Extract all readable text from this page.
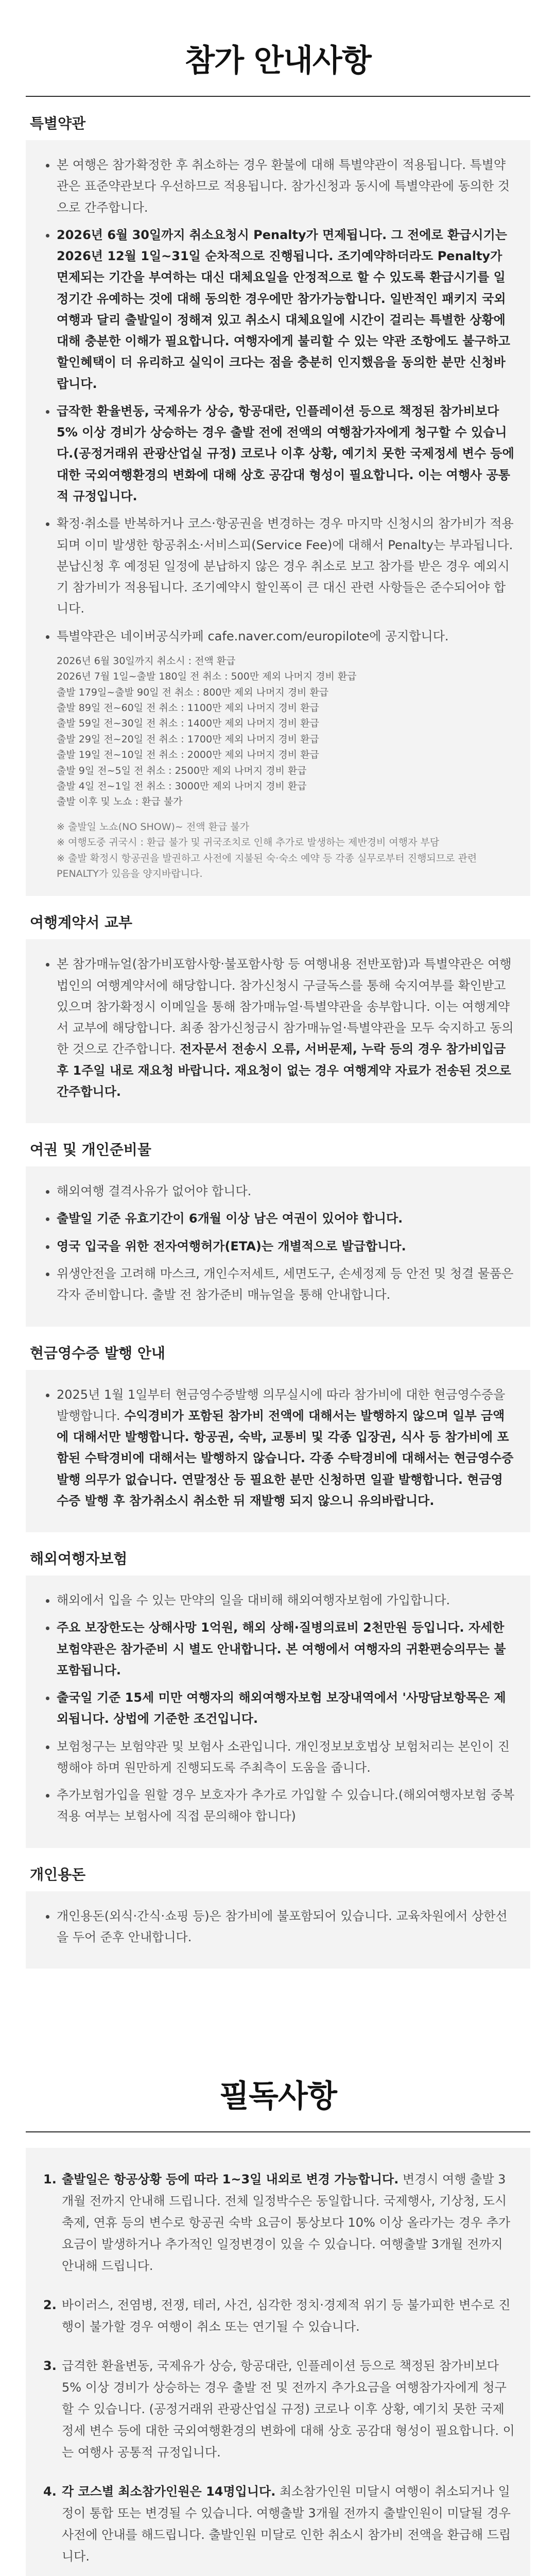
참가 안내사항
특별약관
• 본 여행은 참가확정한 후 취소하는 경우 환불에 대해 특별약관이 적용됩니다. 특별약관은 표준약관보다 우선하므로 적용됩니다. 참가신청과 동시에 특별약관에 동의한 것으로 간주합니다.
• 2026년 6월 30일까지 취소요청시 Penalty가 면제됩니다. 그 전에로 환급시기는 2026년 12월 1일~31일 순차적으로 진행됩니다. 조기예약하더라도 Penalty가 면제되는 기간을 부여하는 대신 대체요일을 안정적으로 할 수 있도록 환급시기를 일정기간 유예하는 것에 대해 동의한 경우에만 참가가능합니다. 일반적인 패키지 국외여행과 달리 출발일이 정해져 있고 취소시 대체요일에 시간이 걸리는 특별한 상황에 대해 충분한 이해가 필요합니다. 여행자에게 불리할 수 있는 약관 조항에도 불구하고 할인혜택이 더 유리하고 실익이 크다는 점을 충분히 인지했음을 동의한 분만 신청바랍니다.
• 급작한 환율변동, 국제유가 상승, 항공대란, 인플레이션 등으로 책정된 참가비보다 5% 이상 경비가 상승하는 경우 출발 전에 전액의 여행참가자에게 청구할 수 있습니다.(공정거래위 관광산업실 규정) 코로나 이후 상황, 예기치 못한 국제정세 변수 등에 대한 국외여행환경의 변화에 대해 상호 공감대 형성이 필요합니다. 이는 여행사 공통적 규정입니다.
• 확정·취소를 반복하거나 코스·항공권을 변경하는 경우 마지막 신청시의 참가비가 적용되며 이미 발생한 항공취소·서비스피(Service Fee)에 대해서 Penalty는 부과됩니다. 분납신청 후 예정된 일정에 분납하지 않은 경우 취소로 보고 참가를 받은 경우 예외시 기 참가비가 적용됩니다. 조기예약시 할인폭이 큰 대신 관련 사항들은 준수되어야 합니다.
• 특별약관은 네이버공식카페 cafe.naver.com/europilote에 공지합니다.
2026년 6월 30일까지 취소시 : 전액 환급
2026년 7월 1일~출발 180일 전 취소 : 500만 제외 나머지 경비 환급
출발 179일~출발 90일 전 취소 : 800만 제외 나머지 경비 환급
출발 89일 전~60일 전 취소 : 1100만 제외 나머지 경비 환급
출발 59일 전~30일 전 취소 : 1400만 제외 나머지 경비 환급
출발 29일 전~20일 전 취소 : 1700만 제외 나머지 경비 환급
출발 19일 전~10일 전 취소 : 2000만 제외 나머지 경비 환급
출발 9일 전~5일 전 취소 : 2500만 제외 나머지 경비 환급
출발 4일 전~1일 전 취소 : 3000만 제외 나머지 경비 환급
출발 이후 및 노쇼 : 환급 불가
※ 출발일 노쇼(NO SHOW)~ 전액 환급 불가
※ 여행도중 귀국시 : 환급 불가 및 귀국조치로 인해 추가로 발생하는 제반경비 여행자 부담
※ 출발 확정시 항공권을 발권하고 사전에 지불된 숙·숙소 예약 등 각종 실무로부터 진행되므로 관련 PENALTY가 있음을 양지바랍니다.
여행계약서 교부
• 본 참가매뉴얼(참가비포함사항·불포함사항 등 여행내용 전반포함)과 특별약관은 여행법인의 여행계약서에 해당합니다. 참가신청시 구글독스를 통해 숙지여부를 확인받고 있으며 참가확정시 이메일을 통해 참가매뉴얼·특별약관을 송부합니다. 이는 여행계약서 교부에 해당합니다. 최종 참가신청금시 참가매뉴얼·특별약관을 모두 숙지하고 동의한 것으로 간주합니다. 전자문서 전송시 오류, 서버문제, 누락 등의 경우 참가비입금 후 1주일 내로 재요청 바랍니다. 재요청이 없는 경우 여행계약 자료가 전송된 것으로 간주합니다.
여권 및 개인준비물
• 해외여행 결격사유가 없어야 합니다.
• 출발일 기준 유효기간이 6개월 이상 남은 여권이 있어야 합니다.
• 영국 입국을 위한 전자여행허가(ETA)는 개별적으로 발급합니다.
• 위생안전을 고려해 마스크, 개인수저세트, 세면도구, 손세정제 등 안전 및 청결 물품은 각자 준비합니다. 출발 전 참가준비 매뉴얼을 통해 안내합니다.
현금영수증 발행 안내
• 2025년 1월 1일부터 현금영수증발행 의무실시에 따라 참가비에 대한 현금영수증을 발행합니다. 수익경비가 포함된 참가비 전액에 대해서는 발행하지 않으며 일부 금액에 대해서만 발행합니다. 항공권, 숙박, 교통비 및 각종 입장권, 식사 등 참가비에 포함된 수탁경비에 대해서는 발행하지 않습니다. 각종 수탁경비에 대해서는 현금영수증 발행 의무가 없습니다. 연말정산 등 필요한 분만 신청하면 일괄 발행합니다. 현금영수증 발행 후 참가취소시 취소한 뒤 재발행 되지 않으니 유의바랍니다.
해외여행자보험
• 해외에서 입을 수 있는 만약의 일을 대비해 해외여행자보험에 가입합니다.
• 주요 보장한도는 상해사망 1억원, 해외 상해·질병의료비 2천만원 등입니다. 자세한 보험약관은 참가준비 시 별도 안내합니다. 본 여행에서 여행자의 귀환편승의무는 불포함됩니다.
• 출국일 기준 15세 미만 여행자의 해외여행자보험 보장내역에서 '사망담보항목은 제외됩니다. 상법에 기준한 조건입니다.
• 보험청구는 보험약관 및 보험사 소관입니다. 개인정보보호법상 보험처리는 본인이 진행해야 하며 원만하게 진행되도록 주최측이 도움을 줍니다.
• 추가보험가입을 원할 경우 보호자가 추가로 가입할 수 있습니다.(해외여행자보험 중복 적용 여부는 보험사에 직접 문의해야 합니다)
개인용돈
• 개인용돈(외식·간식·쇼핑 등)은 참가비에 불포함되어 있습니다. 교육차원에서 상한선을 두어 준후 안내합니다.
필독사항
1. 출발일은 항공상황 등에 따라 1~3일 내외로 변경 가능합니다. 변경시 여행 출발 3개월 전까지 안내해 드립니다. 전체 일정박수은 동일합니다. 국제행사, 기상청, 도시축제, 연휴 등의 변수로 항공권 숙박 요금이 통상보다 10% 이상 올라가는 경우 추가요금이 발생하거나 추가적인 일정변경이 있을 수 있습니다. 여행출발 3개월 전까지 안내해 드립니다.
2. 바이러스, 전염병, 전쟁, 테러, 사건, 심각한 정치·경제적 위기 등 불가피한 변수로 진행이 불가할 경우 여행이 취소 또는 연기될 수 있습니다.
3. 급격한 환율변동, 국제유가 상승, 항공대란, 인플레이션 등으로 책정된 참가비보다 5% 이상 경비가 상승하는 경우 출발 전 및 전까지 추가요금을 여행참가자에게 청구할 수 있습니다. (공정거래위 관광산업실 규정) 코로나 이후 상황, 예기치 못한 국제정세 변수 등에 대한 국외여행환경의 변화에 대해 상호 공감대 형성이 필요합니다. 이는 여행사 공통적 규정입니다.
4. 각 코스별 최소참가인원은 14명입니다. 최소참가인원 미달시 여행이 취소되거나 일정이 통합 또는 변경될 수 있습니다. 여행출발 3개월 전까지 출발인원이 미달될 경우 사전에 안내를 해드립니다. 출발인원 미달로 인한 취소시 참가비 전액을 환급해 드립니다.
